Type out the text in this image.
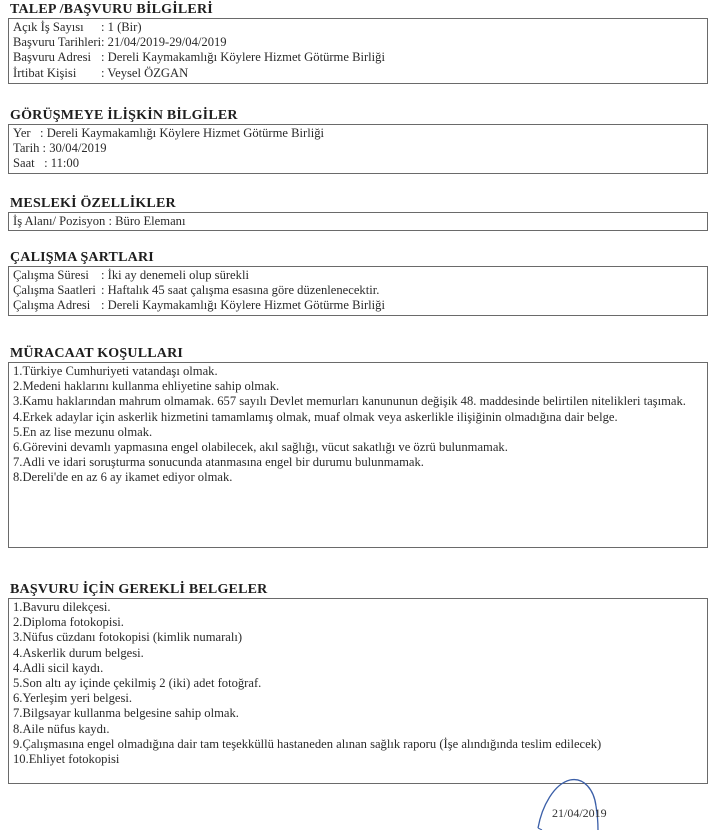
TALEP /BAŞVURU BİLGİLERİ
Açık İş Sayısı : 1 (Bir)
Başvuru Tarihleri: 21/04/2019-29/04/2019
Başvuru Adresi : Dereli Kaymakamlığı Köylere Hizmet Götürme Birliği
İrtibat Kişisi : Veysel ÖZGAN
GÖRÜŞMEYE İLİŞKİN BİLGİLER
Yer   : Dereli Kaymakamlığı Köylere Hizmet Götürme Birliği
Tarih : 30/04/2019
Saat   : 11:00
MESLEKİ ÖZELLİKLER
İş Alanı/ Pozisyon : Büro Elemanı
ÇALIŞMA ŞARTLARI
Çalışma Süresi : İki ay denemeli olup sürekli
Çalışma Saatleri : Haftalık 45 saat çalışma esasına göre düzenlenecektir.
Çalışma Adresi : Dereli Kaymakamlığı Köylere Hizmet Götürme Birliği
MÜRACAAT KOŞULLARI
1.Türkiye Cumhuriyeti vatandaşı olmak.
2.Medeni haklarını kullanma ehliyetine sahip olmak.
3.Kamu haklarından mahrum olmamak. 657 sayılı Devlet memurları kanununun değişik 48. maddesinde belirtilen nitelikleri taşımak.
4.Erkek adaylar için askerlik hizmetini tamamlamış olmak, muaf olmak veya askerlikle ilişiğinin olmadığına dair belge.
5.En az lise mezunu olmak.
6.Görevini devamlı yapmasına engel olabilecek, akıl sağlığı, vücut sakatlığı ve özrü bulunmamak.
7.Adli ve idari soruşturma sonucunda atanmasına engel bir durumu bulunmamak.
8.Dereli'de en az 6 ay ikamet ediyor olmak.
BAŞVURU İÇİN GEREKLİ BELGELER
1.Bavuru dilekçesi.
2.Diploma fotokopisi.
3.Nüfus cüzdanı fotokopisi (kimlik numaralı)
4.Askerlik durum belgesi.
4.Adli sicil kaydı.
5.Son altı ay içinde çekilmiş 2 (iki) adet fotoğraf.
6.Yerleşim yeri belgesi.
7.Bilgsayar kullanma belgesine sahip olmak.
8.Aile nüfus kaydı.
9.Çalışmasına engel olmadığına dair tam teşekküllü hastaneden alınan sağlık raporu (İşe alındığında teslim edilecek)
10.Ehliyet fotokopisi
21/04/2019
